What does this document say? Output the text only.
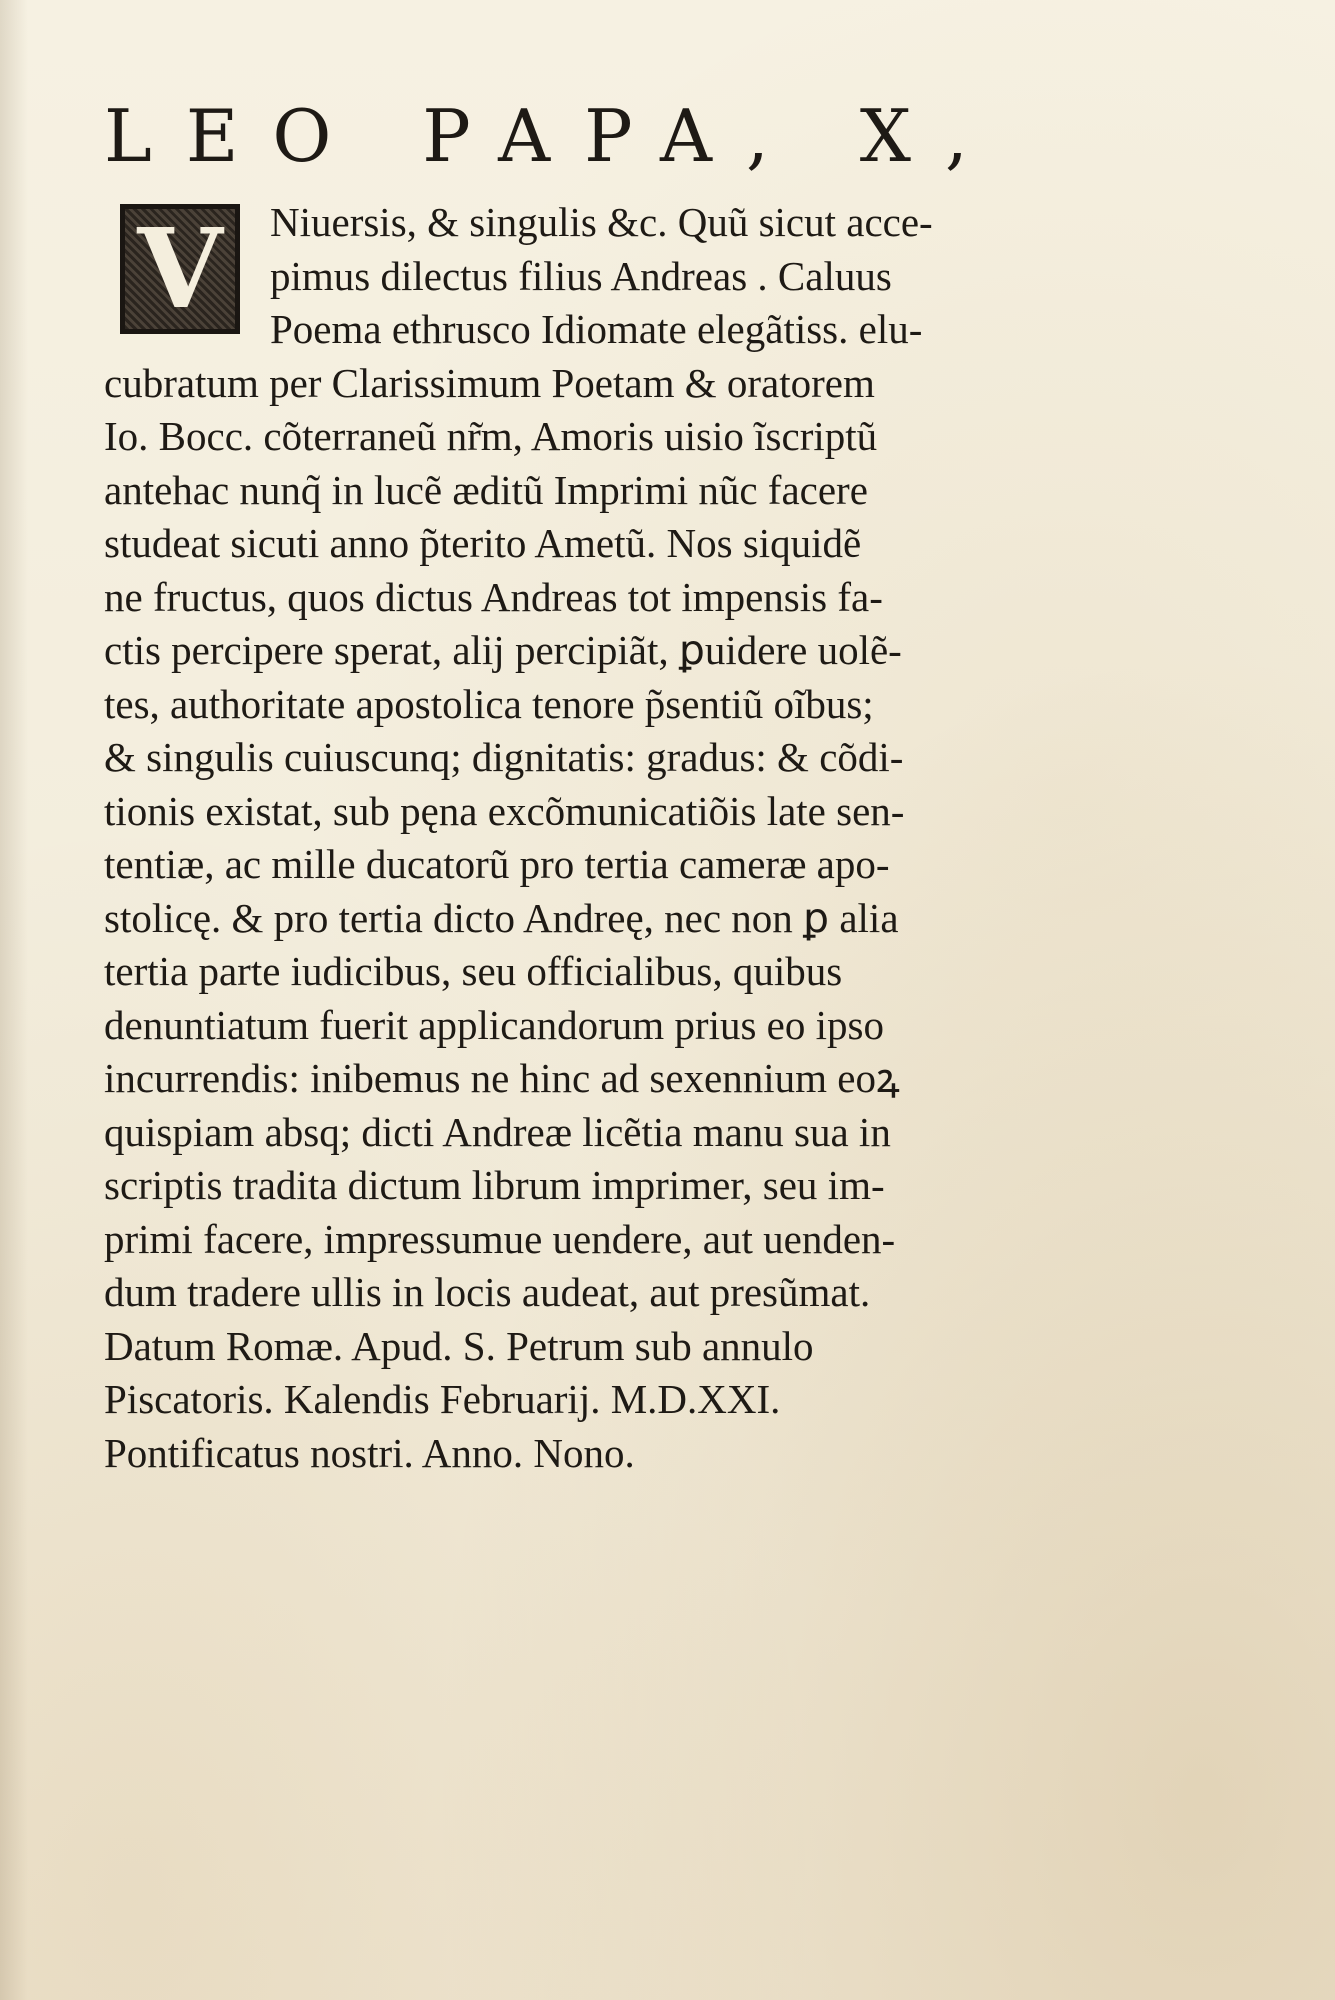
LEO PAPA, X,
V	Niuersis, & singulis &c. Quũ sicut acce-
pimus dilectus filius Andreas . Caluus
Poema ethrusco Idiomate elegãtiss. elu-
cubratum per Clarissimum Poetam & oratorem
Io. Bocc. cõterraneũ nr̃m, Amoris uisio ĩscriptũ
antehac nunq̃ in lucẽ æditũ Imprimi nũc facere
studeat sicuti anno p̃terito Ametũ. Nos siquidẽ
ne fructus, quos dictus Andreas tot impensis fa-
ctis percipere sperat, alij percipiãt, ꝑuidere uolẽ-
tes, authoritate apostolica tenore p̃sentiũ oĩbus;
& singulis cuiuscunq; dignitatis: gradus: & cõdi-
tionis existat, sub pęna excõmunicatiõis late sen-
tentiæ, ac mille ducatorũ pro tertia cameræ apo-
stolicę. & pro tertia dicto Andreę, nec non ꝑ alia
tertia parte iudicibus, seu officialibus, quibus
denuntiatum fuerit applicandorum prius eo ipso
incurrendis: inibemus ne hinc ad sexennium eoꝝ
quispiam absq; dicti Andreæ licẽtia manu sua in
scriptis tradita dictum librum imprimer, seu im-
primi facere, impressumue uendere, aut uenden-
dum tradere ullis in locis audeat, aut presũmat.
Datum Romæ. Apud. S. Petrum sub annulo
Piscatoris. Kalendis Februarij. M.D.XXI.
Pontificatus nostri. Anno. Nono.
